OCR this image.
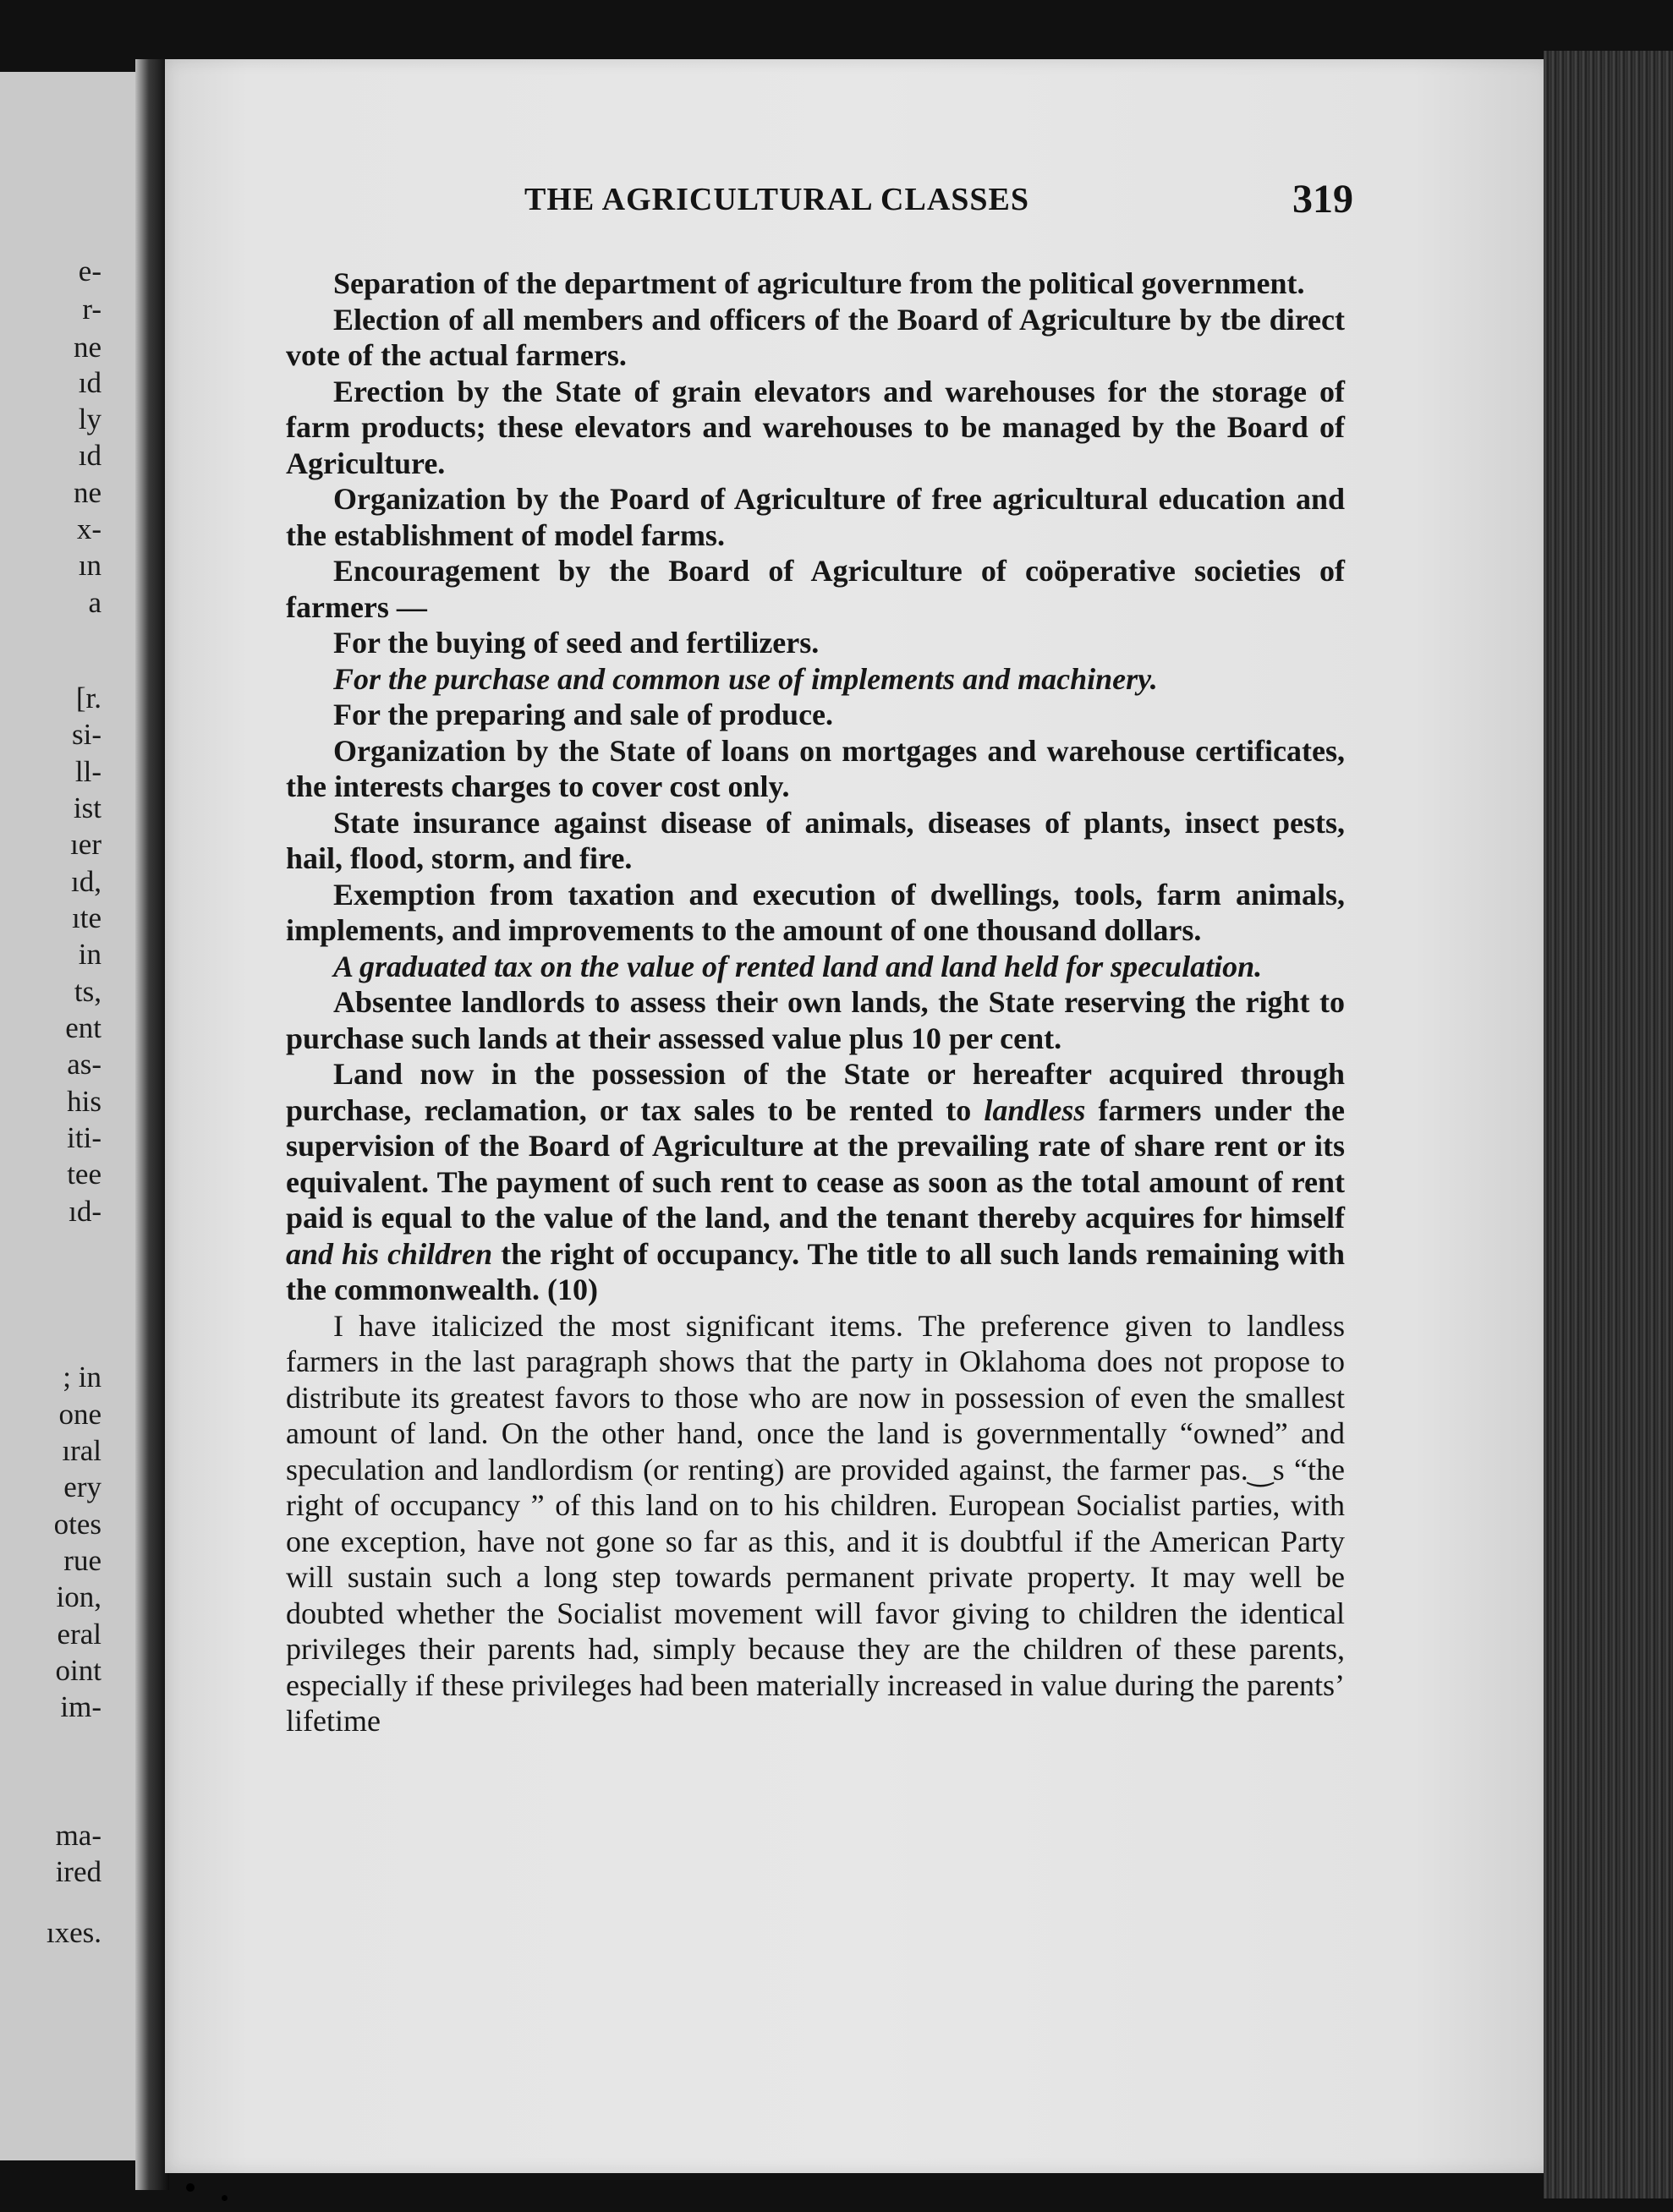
e-
r-
ne
ıd
ly
ıd
ne
x-
ın
a
[r.
si-
ll-
ist
ıer
ıd,
ıte
in
ts,
ent
as-
his
iti-
tee
ıd-
; in
one
ıral
ery
otes
rue
ion,
eral
oint
im-
ma-
ired
ıxes.
THE AGRICULTURAL CLASSES	319

Separation of the department of agriculture from the political government.

Election of all members and officers of the Board of Agriculture by tbe direct vote of the actual farmers.

Erection by the State of grain elevators and warehouses for the storage of farm products; these elevators and warehouses to be managed by the Board of Agriculture.

Organization by the Poard of Agriculture of free agricultural education and the establishment of model farms.

Encouragement by the Board of Agriculture of coöperative societies of farmers —

For the buying of seed and fertilizers.

For the purchase and common use of implements and machinery.

For the preparing and sale of produce.

Organization by the State of loans on mortgages and warehouse certificates, the interests charges to cover cost only.

State insurance against disease of animals, diseases of plants, insect pests, hail, flood, storm, and fire.

Exemption from taxation and execution of dwellings, tools, farm animals, implements, and improvements to the amount of one thousand dollars.

A graduated tax on the value of rented land and land held for speculation.

Absentee landlords to assess their own lands, the State reserving the right to purchase such lands at their assessed value plus 10 per cent.

Land now in the possession of the State or hereafter acquired through purchase, reclamation, or tax sales to be rented to landless farmers under the supervision of the Board of Agriculture at the prevailing rate of share rent or its equivalent. The payment of such rent to cease as soon as the total amount of rent paid is equal to the value of the land, and the tenant thereby acquires for himself and his children the right of occupancy. The title to all such lands remaining with the commonwealth. (10)

I have italicized the most significant items. The preference given to landless farmers in the last paragraph shows that the party in Oklahoma does not propose to distribute its greatest favors to those who are now in possession of even the smallest amount of land. On the other hand, once the land is governmentally “owned” and speculation and landlordism (or renting) are provided against, the farmer pas.‿s “the right of occupancy ” of this land on to his children. European Socialist parties, with one exception, have not gone so far as this, and it is doubtful if the American Party will sustain such a long step towards permanent private property. It may well be doubted whether the Socialist movement will favor giving to children the identical privileges their parents had, simply because they are the children of these parents, especially if these privileges had been materially increased in value during the parents’ lifetime
